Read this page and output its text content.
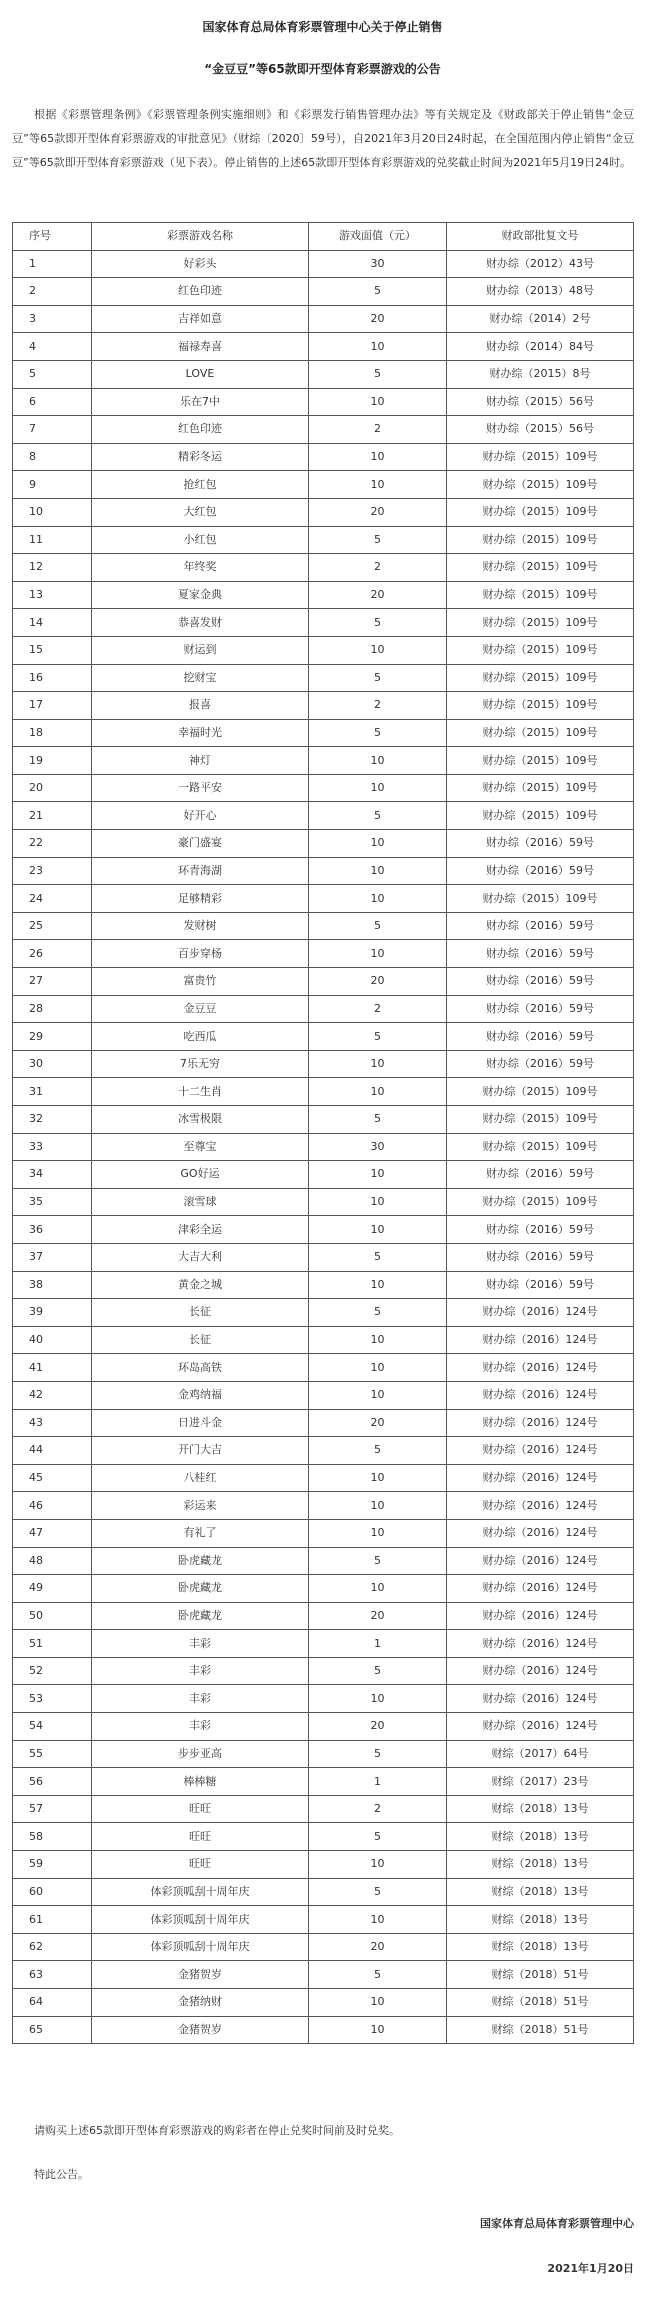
国家体育总局体育彩票管理中心关于停止销售
“金豆豆”等65款即开型体育彩票游戏的公告
根据《彩票管理条例》《彩票管理条例实施细则》和《彩票发行销售管理办法》等有关规定及《财政部关于停止销售“金豆豆”等65款即开型体育彩票游戏的审批意见》（财综〔2020〕59号），自2021年3月20日24时起，在全国范围内停止销售“金豆豆”等65款即开型体育彩票游戏（见下表）。停止销售的上述65款即开型体育彩票游戏的兑奖截止时间为2021年5月19日24时。
序号	彩票游戏名称	游戏面值（元）	财政部批复文号
1	好彩头	30	财办综（2012）43号
2	红色印迹	5	财办综（2013）48号
3	吉祥如意	20	财办综（2014）2号
4	福禄寿喜	10	财办综（2014）84号
5	LOVE	5	财办综（2015）8号
6	乐在7中	10	财办综（2015）56号
7	红色印迹	2	财办综（2015）56号
8	精彩冬运	10	财办综（2015）109号
9	抢红包	10	财办综（2015）109号
10	大红包	20	财办综（2015）109号
11	小红包	5	财办综（2015）109号
12	年终奖	2	财办综（2015）109号
13	夏家金典	20	财办综（2015）109号
14	恭喜发财	5	财办综（2015）109号
15	财运到	10	财办综（2015）109号
16	挖财宝	5	财办综（2015）109号
17	报喜	2	财办综（2015）109号
18	幸福时光	5	财办综（2015）109号
19	神灯	10	财办综（2015）109号
20	一路平安	10	财办综（2015）109号
21	好开心	5	财办综（2015）109号
22	豪门盛宴	10	财办综（2016）59号
23	环青海湖	10	财办综（2016）59号
24	足够精彩	10	财办综（2015）109号
25	发财树	5	财办综（2016）59号
26	百步穿杨	10	财办综（2016）59号
27	富贵竹	20	财办综（2016）59号
28	金豆豆	2	财办综（2016）59号
29	吃西瓜	5	财办综（2016）59号
30	7乐无穷	10	财办综（2016）59号
31	十二生肖	10	财办综（2015）109号
32	冰雪极限	5	财办综（2015）109号
33	至尊宝	30	财办综（2015）109号
34	GO好运	10	财办综（2016）59号
35	滚雪球	10	财办综（2015）109号
36	津彩全运	10	财办综（2016）59号
37	大吉大利	5	财办综（2016）59号
38	黄金之城	10	财办综（2016）59号
39	长征	5	财办综（2016）124号
40	长征	10	财办综（2016）124号
41	环岛高铁	10	财办综（2016）124号
42	金鸡纳福	10	财办综（2016）124号
43	日进斗金	20	财办综（2016）124号
44	开门大吉	5	财办综（2016）124号
45	八桂红	10	财办综（2016）124号
46	彩运来	10	财办综（2016）124号
47	有礼了	10	财办综（2016）124号
48	卧虎藏龙	5	财办综（2016）124号
49	卧虎藏龙	10	财办综（2016）124号
50	卧虎藏龙	20	财办综（2016）124号
51	丰彩	1	财办综（2016）124号
52	丰彩	5	财办综（2016）124号
53	丰彩	10	财办综（2016）124号
54	丰彩	20	财办综（2016）124号
55	步步亚高	5	财综（2017）64号
56	棒棒糖	1	财综（2017）23号
57	旺旺	2	财综（2018）13号
58	旺旺	5	财综（2018）13号
59	旺旺	10	财综（2018）13号
60	体彩顶呱刮十周年庆	5	财综（2018）13号
61	体彩顶呱刮十周年庆	10	财综（2018）13号
62	体彩顶呱刮十周年庆	20	财综（2018）13号
63	金猪贺岁	5	财综（2018）51号
64	金猪纳财	10	财综（2018）51号
65	金猪贺岁	10	财综（2018）51号
请购买上述65款即开型体育彩票游戏的购彩者在停止兑奖时间前及时兑奖。
特此公告。
国家体育总局体育彩票管理中心
2021年1月20日
